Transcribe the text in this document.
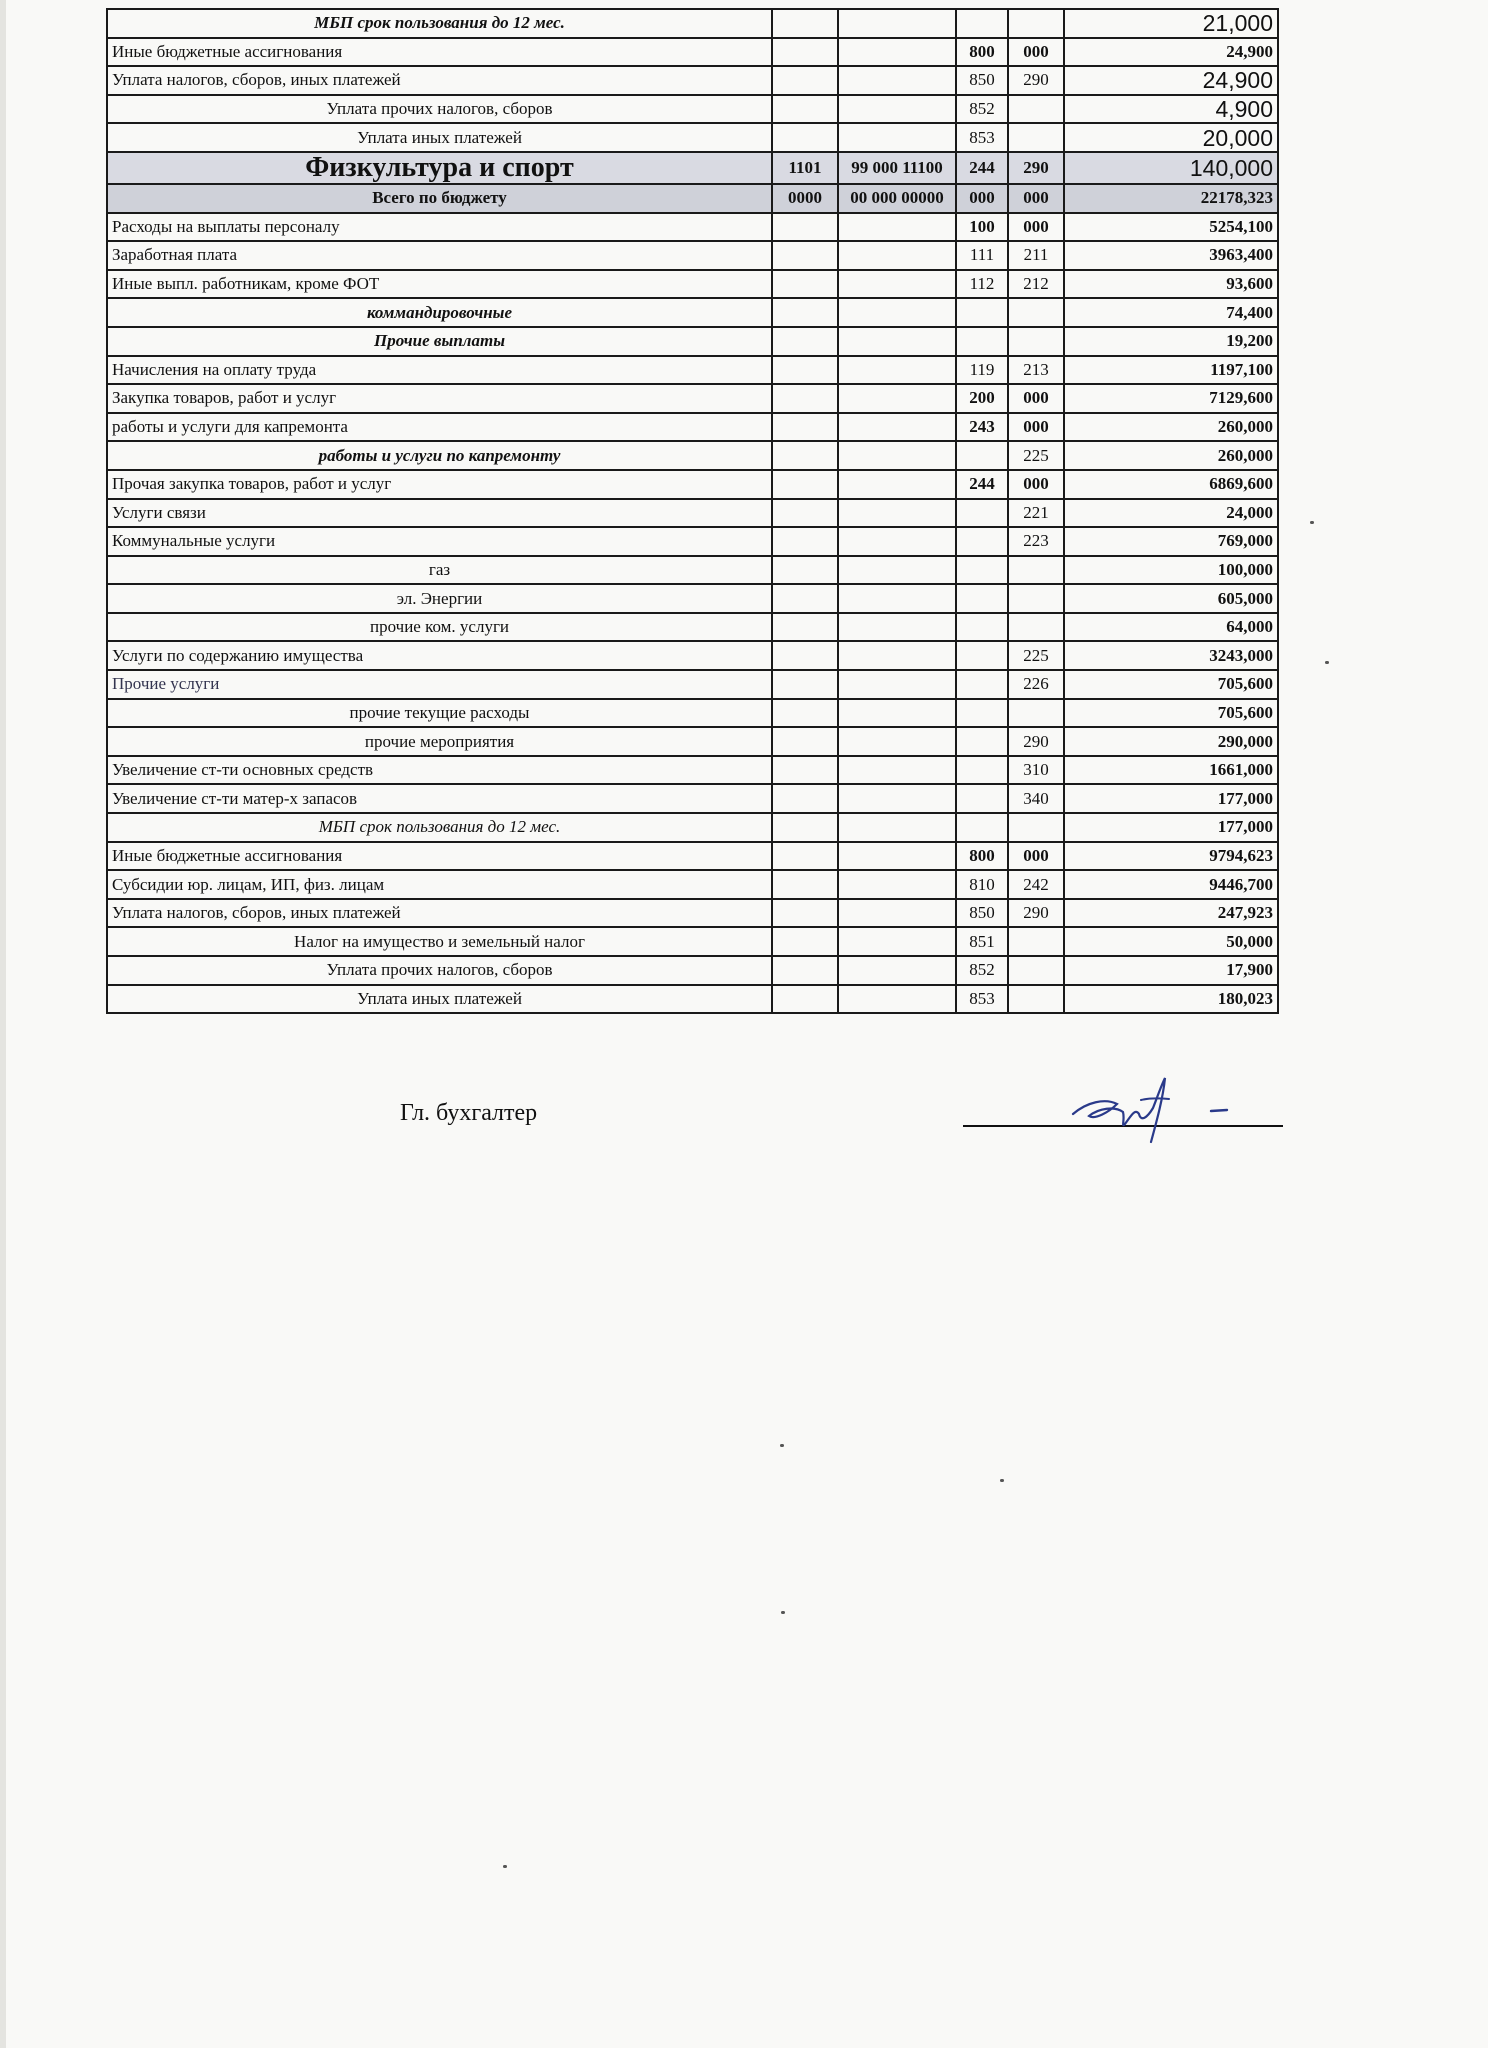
МБП срок пользования до 12 мес.					21,000
Иные бюджетные ассигнования			800	000	24,900
Уплата налогов, сборов, иных платежей			850	290	24,900
Уплата прочих налогов, сборов			852		4,900
Уплата иных платежей			853		20,000
Физкультура и спорт	1101	99 000 11100	244	290	140,000
Всего по бюджету	0000	00 000 00000	000	000	22178,323
Расходы на выплаты персоналу			100	000	5254,100
Заработная плата			111	211	3963,400
Иные выпл. работникам, кроме ФОТ			112	212	93,600
коммандировочные					74,400
Прочие выплаты					19,200
Начисления на оплату труда			119	213	1197,100
Закупка товаров, работ и услуг			200	000	7129,600
работы и услуги для капремонта			243	000	260,000
работы и услуги по капремонту				225	260,000
Прочая закупка товаров, работ и услуг			244	000	6869,600
Услуги связи				221	24,000
Коммунальные услуги				223	769,000
газ					100,000
эл. Энергии					605,000
прочие ком. услуги					64,000
Услуги по содержанию имущества				225	3243,000
Прочие услуги				226	705,600
прочие текущие расходы					705,600
прочие мероприятия				290	290,000
Увеличение ст-ти основных средств				310	1661,000
Увеличение ст-ти матер-х запасов				340	177,000
МБП срок пользования до 12 мес.					177,000
Иные бюджетные ассигнования			800	000	9794,623
Субсидии юр. лицам, ИП, физ. лицам			810	242	9446,700
Уплата налогов, сборов, иных платежей			850	290	247,923
Налог на имущество и земельный налог			851		50,000
Уплата прочих налогов, сборов			852		17,900
Уплата иных платежей			853		180,023
Гл. бухгалтер
